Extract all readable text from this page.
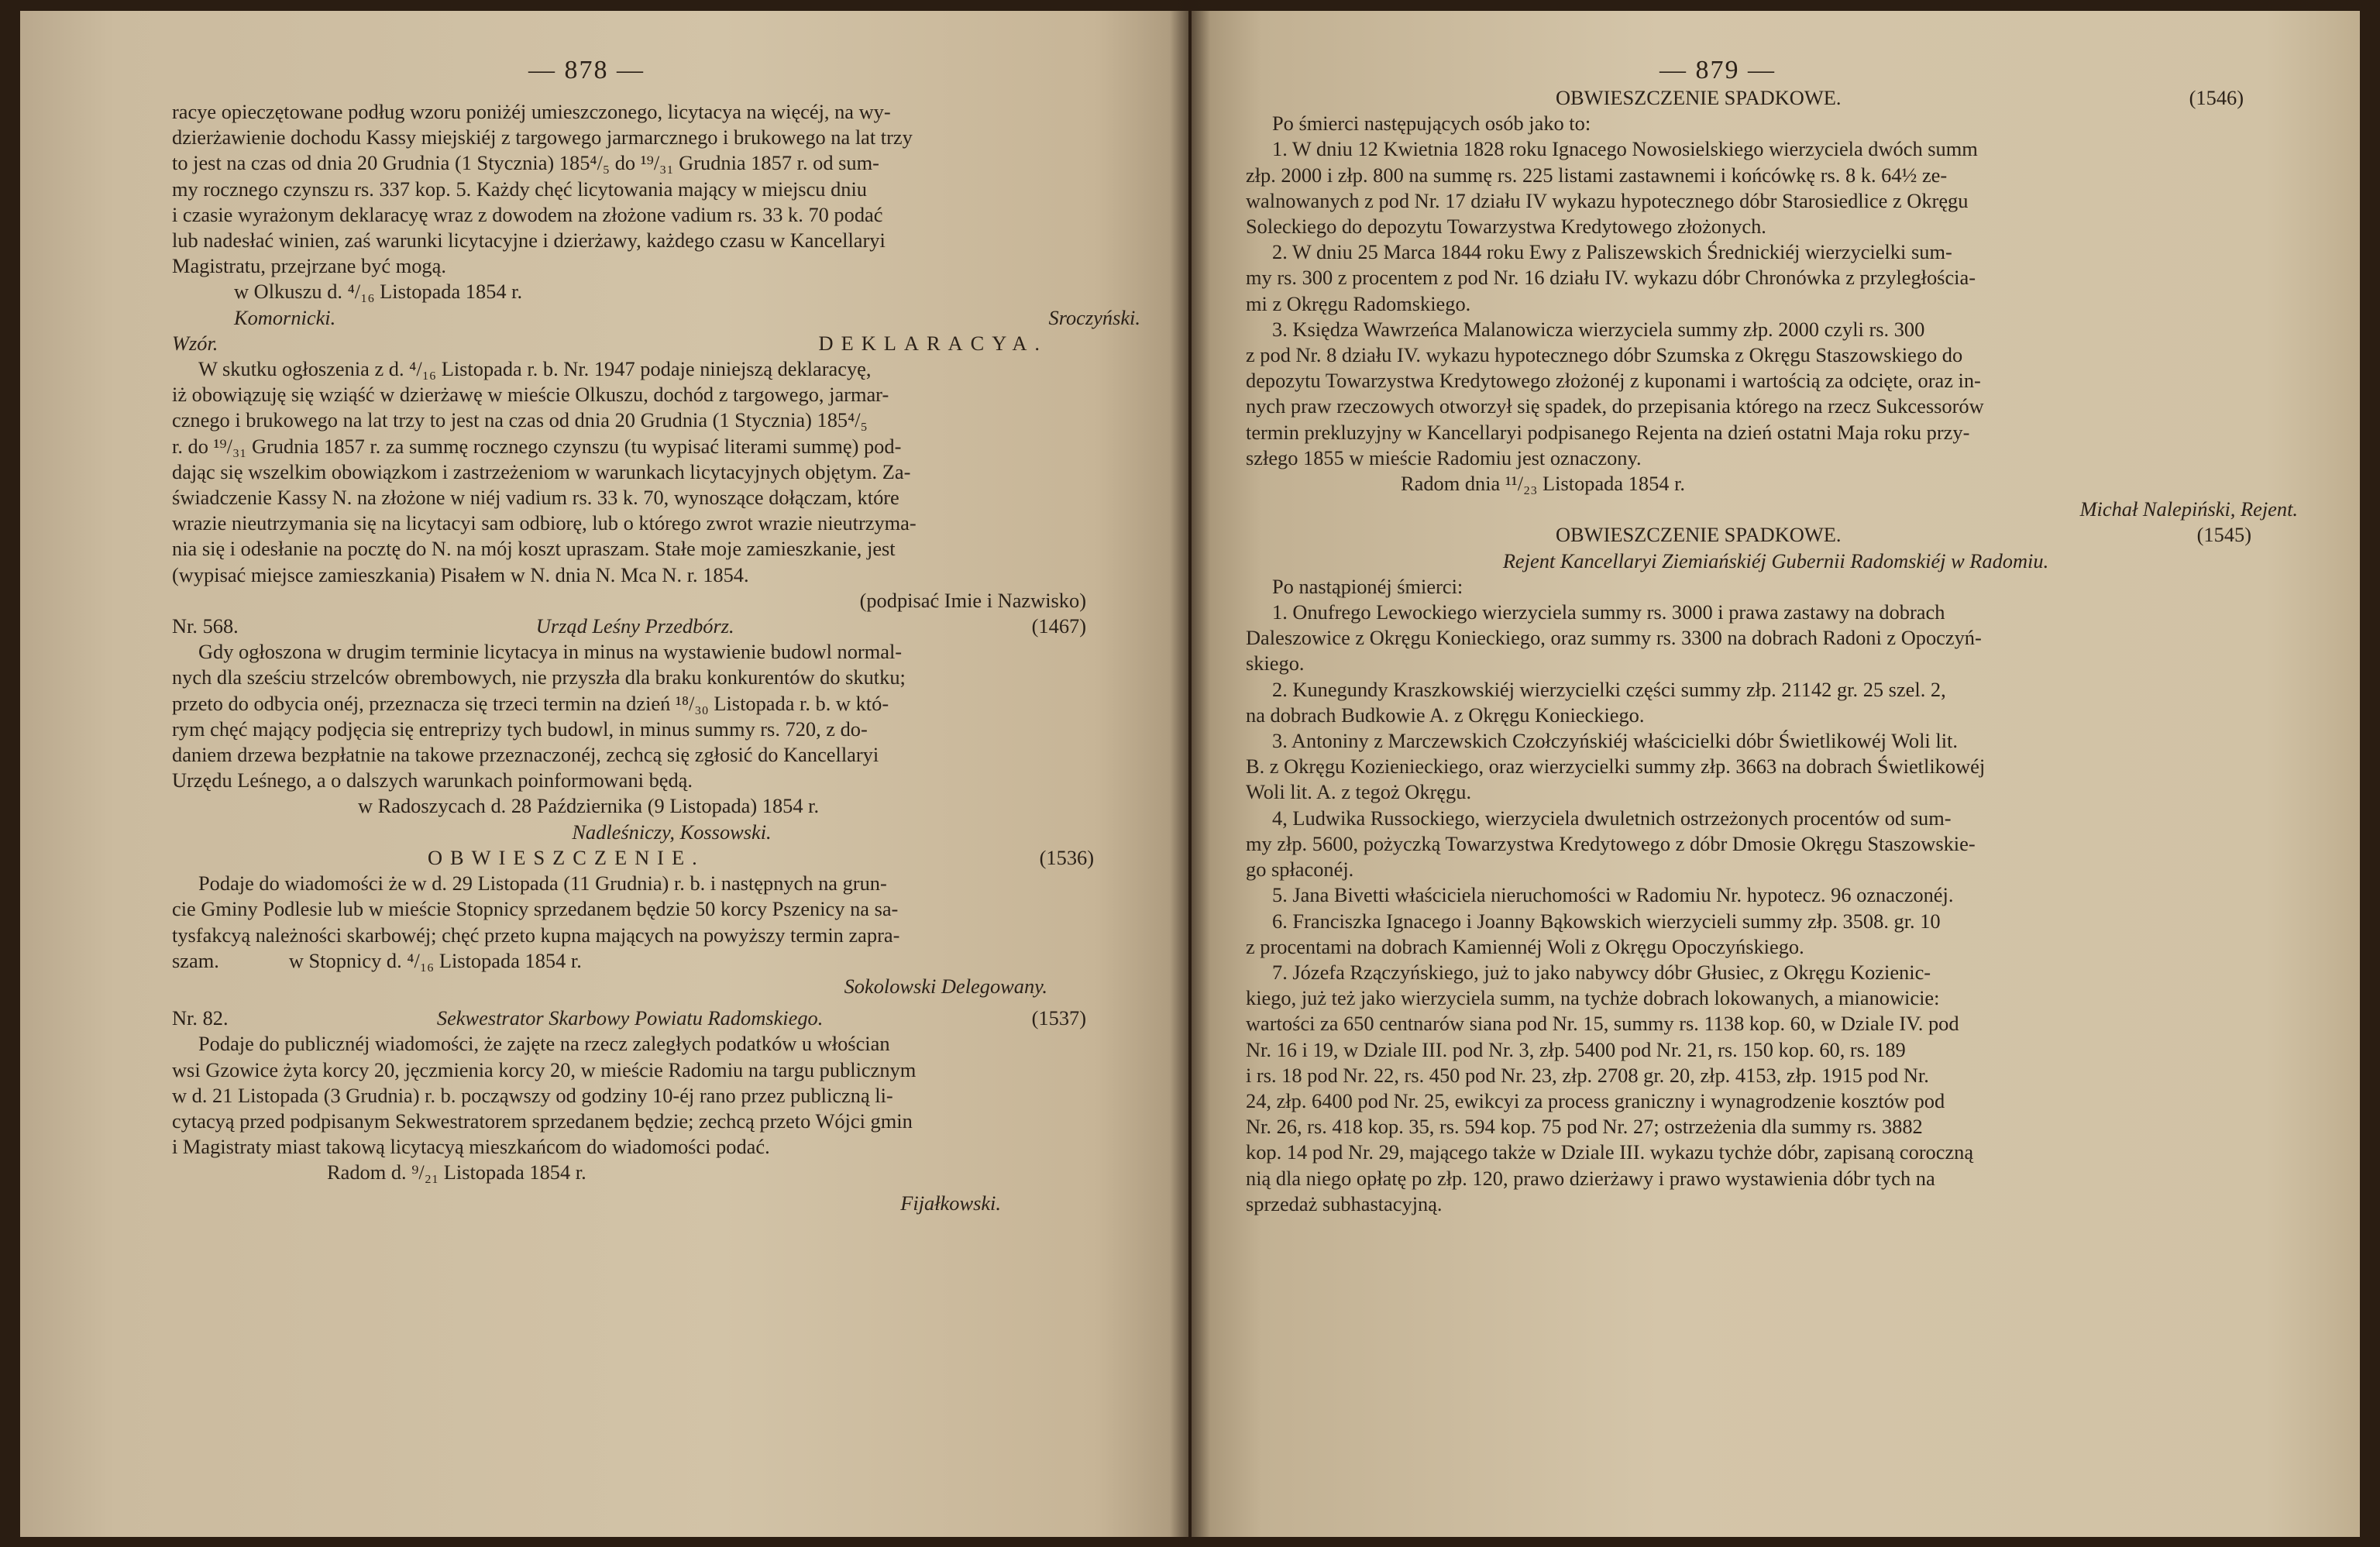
— 878 —

racye opieczętowane podług wzoru poniżéj umieszczonego, licytacya na więcéj, na wy-

dzierżawienie dochodu Kassy miejskiéj z targowego jarmarcznego i brukowego na lat trzy

to jest na czas od dnia 20 Grudnia (1 Stycznia) 185⁴/₅ do ¹⁹/₃₁ Grudnia 1857 r. od sum-

my rocznego czynszu rs. 337 kop. 5. Każdy chęć licytowania mający w miejscu dniu

i czasie wyrażonym deklaracyę wraz z dowodem na złożone vadium rs. 33 k. 70 podać

lub nadesłać winien, zaś warunki licytacyjne i dzierżawy, każdego czasu w Kancellaryi

Magistratu, przejrzane być mogą.

w Olkuszu d. ⁴/₁₆ Listopada 1854 r.

Komornicki.	Sroczyński.

Wzór.	DEKLARACYA.

W skutku ogłoszenia z d. ⁴/₁₆ Listopada r. b. Nr. 1947 podaje niniejszą deklaracyę,

iż obowiązuję się wziąść w dzierżawę w mieście Olkuszu, dochód z targowego, jarmar-

cznego i brukowego na lat trzy to jest na czas od dnia 20 Grudnia (1 Stycznia) 185⁴/₅

r. do ¹⁹/₃₁ Grudnia 1857 r. za summę rocznego czynszu (tu wypisać literami summę) pod-

dając się wszelkim obowiązkom i zastrzeżeniom w warunkach licytacyjnych objętym. Za-

świadczenie Kassy N. na złożone w niéj vadium rs. 33 k. 70, wynoszące dołączam, które

wrazie nieutrzymania się na licytacyi sam odbiorę, lub o którego zwrot wrazie nieutrzyma-

nia się i odesłanie na pocztę do N. na mój koszt upraszam. Stałe moje zamieszkanie, jest

(wypisać miejsce zamieszkania) Pisałem w N. dnia N. Mca N. r. 1854.

(podpisać Imie i Nazwisko)

Nr. 568.	Urząd Leśny Przedbórz.	(1467)

Gdy ogłoszona w drugim terminie licytacya in minus na wystawienie budowl normal-

nych dla sześciu strzelców obrembowych, nie przyszła dla braku konkurentów do skutku;

przeto do odbycia onéj, przeznacza się trzeci termin na dzień ¹⁸/₃₀ Listopada r. b. w któ-

rym chęć mający podjęcia się entreprizy tych budowl, in minus summy rs. 720, z do-

daniem drzewa bezpłatnie na takowe przeznaczonéj, zechcą się zgłosić do Kancellaryi

Urzędu Leśnego, a o dalszych warunkach poinformowani będą.

w Radoszycach d. 28 Października (9 Listopada) 1854 r.

Nadleśniczy, Kossowski.

OBWIESZCZENIE.	(1536)

Podaje do wiadomości że w d. 29 Listopada (11 Grudnia) r. b. i następnych na grun-

cie Gminy Podlesie lub w mieście Stopnicy sprzedanem będzie 50 korcy Pszenicy na sa-

tysfakcyą należności skarbowéj; chęć przeto kupna mających na powyższy termin zapra-

szam.	w Stopnicy d. ⁴/₁₆ Listopada 1854 r.

Sokolowski Delegowany.

Nr. 82.	Sekwestrator Skarbowy Powiatu Radomskiego.	(1537)

Podaje do publicznéj wiadomości, że zajęte na rzecz zaległych podatków u włościan

wsi Gzowice żyta korcy 20, jęczmienia korcy 20, w mieście Radomiu na targu publicznym

w d. 21 Listopada (3 Grudnia) r. b. począwszy od godziny 10-éj rano przez publiczną li-

cytacyą przed podpisanym Sekwestratorem sprzedanem będzie; zechcą przeto Wójci gmin

i Magistraty miast takową licytacyą mieszkańcom do wiadomości podać.

Radom d. ⁹/₂₁ Listopada 1854 r.

Fijałkowski.

— 879 —

OBWIESZCZENIE SPADKOWE.	(1546)

Po śmierci następujących osób jako to:

1. W dniu 12 Kwietnia 1828 roku Ignacego Nowosielskiego wierzyciela dwóch summ

złp. 2000 i złp. 800 na summę rs. 225 listami zastawnemi i końcówkę rs. 8 k. 64½ ze-

walnowanych z pod Nr. 17 działu IV wykazu hypotecznego dóbr Starosiedlice z Okręgu

Soleckiego do depozytu Towarzystwa Kredytowego złożonych.

2. W dniu 25 Marca 1844 roku Ewy z Paliszewskich Średnickiéj wierzycielki sum-

my rs. 300 z procentem z pod Nr. 16 działu IV. wykazu dóbr Chronówka z przyległościa-

mi z Okręgu Radomskiego.

3. Księdza Wawrzeńca Malanowicza wierzyciela summy złp. 2000 czyli rs. 300

z pod Nr. 8 działu IV. wykazu hypotecznego dóbr Szumska z Okręgu Staszowskiego do

depozytu Towarzystwa Kredytowego złożonéj z kuponami i wartością za odcięte, oraz in-

nych praw rzeczowych otworzył się spadek, do przepisania którego na rzecz Sukcessorów

termin prekluzyjny w Kancellaryi podpisanego Rejenta na dzień ostatni Maja roku przy-

szłego 1855 w mieście Radomiu jest oznaczony.

Radom dnia ¹¹/₂₃ Listopada 1854 r.

Michał Nalepiński, Rejent.

OBWIESZCZENIE SPADKOWE.	(1545)

Rejent Kancellaryi Ziemiańskiéj Gubernii Radomskiéj w Radomiu.

Po nastąpionéj śmierci:

1. Onufrego Lewockiego wierzyciela summy rs. 3000 i prawa zastawy na dobrach

Daleszowice z Okręgu Konieckiego, oraz summy rs. 3300 na dobrach Radoni z Opoczyń-

skiego.

2. Kunegundy Kraszkowskiéj wierzycielki części summy złp. 21142 gr. 25 szel. 2,

na dobrach Budkowie A. z Okręgu Konieckiego.

3. Antoniny z Marczewskich Czołczyńskiéj właścicielki dóbr Świetlikowéj Woli lit.

B. z Okręgu Kozienieckiego, oraz wierzycielki summy złp. 3663 na dobrach Świetlikowéj

Woli lit. A. z tegoż Okręgu.

4, Ludwika Russockiego, wierzyciela dwuletnich ostrzeżonych procentów od sum-

my złp. 5600, pożyczką Towarzystwa Kredytowego z dóbr Dmosie Okręgu Staszowskie-

go spłaconéj.

5. Jana Bivetti właściciela nieruchomości w Radomiu Nr. hypotecz. 96 oznaczonéj.

6. Franciszka Ignacego i Joanny Bąkowskich wierzycieli summy złp. 3508. gr. 10

z procentami na dobrach Kamiennéj Woli z Okręgu Opoczyńskiego.

7. Józefa Rzączyńskiego, już to jako nabywcy dóbr Głusiec, z Okręgu Kozienic-

kiego, już też jako wierzyciela summ, na tychże dobrach lokowanych, a mianowicie:

wartości za 650 centnarów siana pod Nr. 15, summy rs. 1138 kop. 60, w Dziale IV. pod

Nr. 16 i 19, w Dziale III. pod Nr. 3, złp. 5400 pod Nr. 21, rs. 150 kop. 60, rs. 189

i rs. 18 pod Nr. 22, rs. 450 pod Nr. 23, złp. 2708 gr. 20, złp. 4153, złp. 1915 pod Nr.

24, złp. 6400 pod Nr. 25, ewikcyi za process graniczny i wynagrodzenie kosztów pod

Nr. 26, rs. 418 kop. 35, rs. 594 kop. 75 pod Nr. 27; ostrzeżenia dla summy rs. 3882

kop. 14 pod Nr. 29, mającego także w Dziale III. wykazu tychże dóbr, zapisaną coroczną

nią dla niego opłatę po złp. 120, prawo dzierżawy i prawo wystawienia dóbr tych na

sprzedaż subhastacyjną.
